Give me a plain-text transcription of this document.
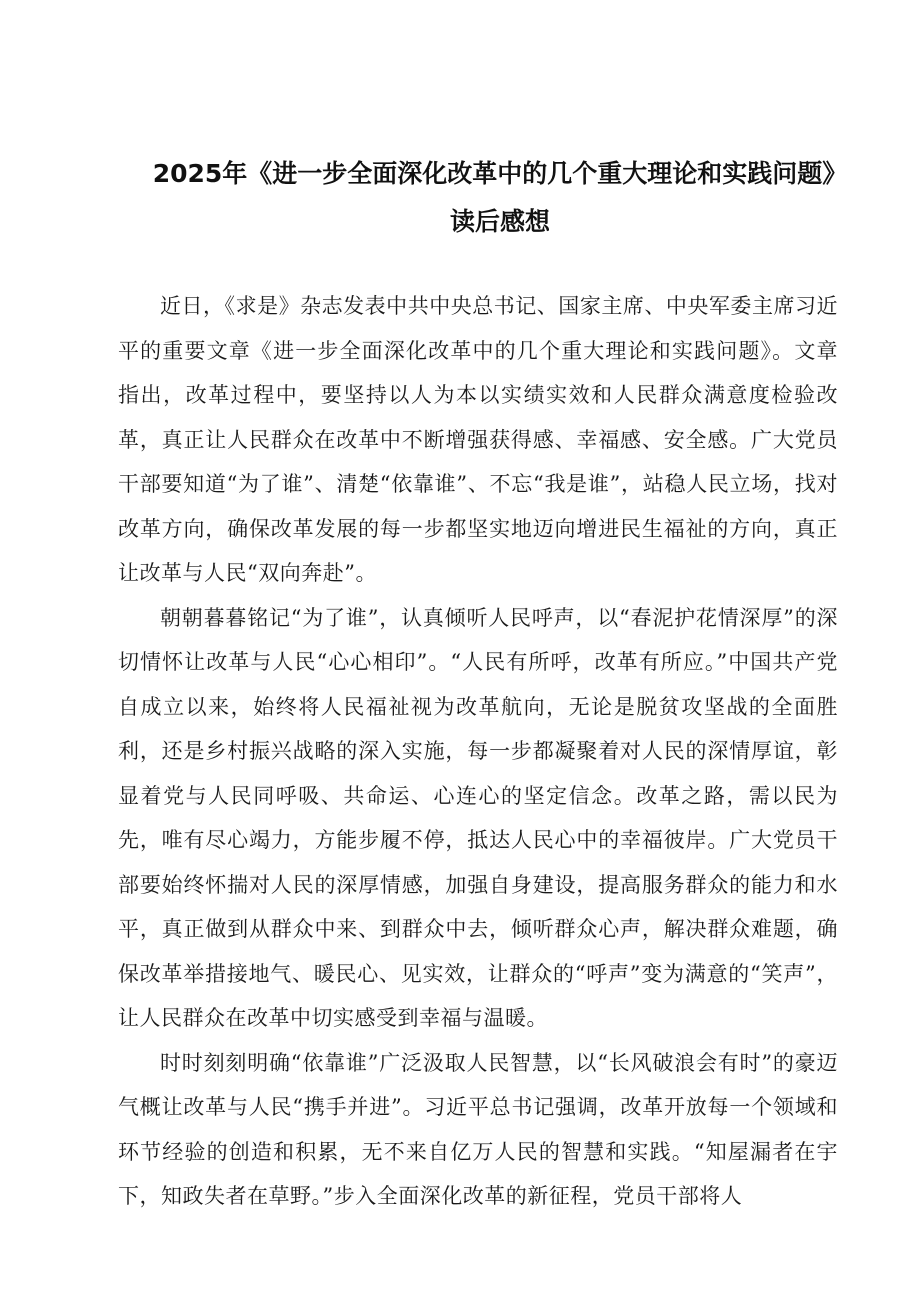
2025年《进一步全面深化改革中的几个重大理论和实践问题》读后感想

近日，《求是》杂志发表中共中央总书记、国家主席、中央军委主席习近平的重要文章《进一步全面深化改革中的几个重大理论和实践问题》。文章指出，改革过程中，要坚持以人为本以实绩实效和人民群众满意度检验改革，真正让人民群众在改革中不断增强获得感、幸福感、安全感。广大党员干部要知道“为了谁”、清楚“依靠谁”、不忘“我是谁”，站稳人民立场，找对改革方向，确保改革发展的每一步都坚实地迈向增进民生福祉的方向，真正让改革与人民“双向奔赴”。

朝朝暮暮铭记“为了谁”，认真倾听人民呼声，以“春泥护花情深厚”的深切情怀让改革与人民“心心相印”。“人民有所呼，改革有所应。”中国共产党自成立以来，始终将人民福祉视为改革航向，无论是脱贫攻坚战的全面胜利，还是乡村振兴战略的深入实施，每一步都凝聚着对人民的深情厚谊，彰显着党与人民同呼吸、共命运、心连心的坚定信念。改革之路，需以民为先，唯有尽心竭力，方能步履不停，抵达人民心中的幸福彼岸。广大党员干部要始终怀揣对人民的深厚情感，加强自身建设，提高服务群众的能力和水平，真正做到从群众中来、到群众中去，倾听群众心声，解决群众难题，确保改革举措接地气、暖民心、见实效，让群众的“呼声”变为满意的“笑声”，让人民群众在改革中切实感受到幸福与温暖。

时时刻刻明确“依靠谁”广泛汲取人民智慧，以“长风破浪会有时”的豪迈气概让改革与人民“携手并进”。习近平总书记强调，改革开放每一个领域和环节经验的创造和积累，无不来自亿万人民的智慧和实践。“知屋漏者在宇下，知政失者在草野。”步入全面深化改革的新征程，党员干部将人
